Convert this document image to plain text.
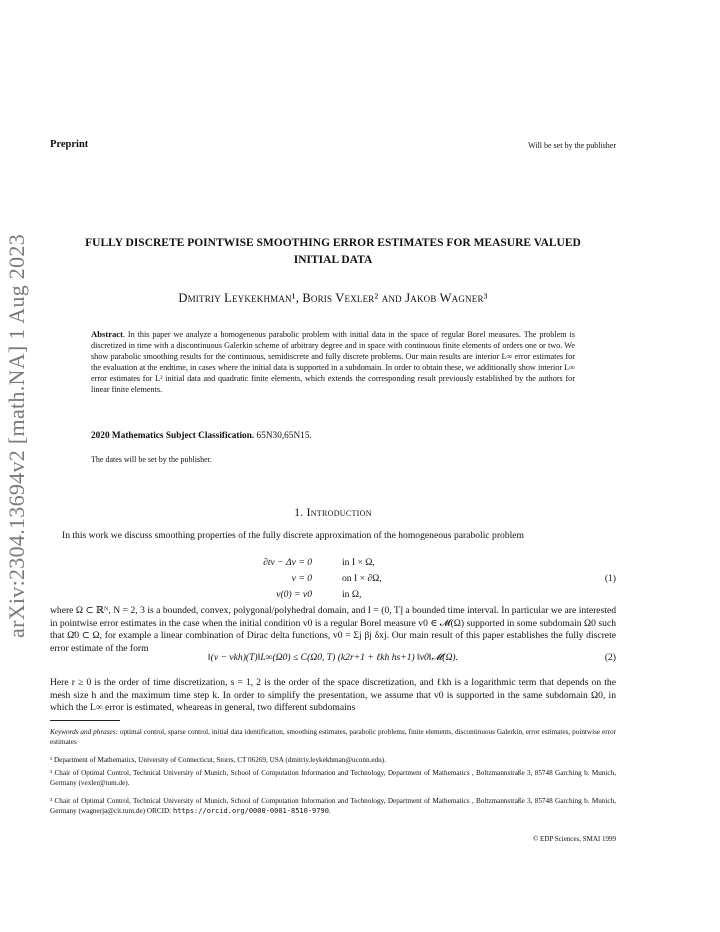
arXiv:2304.13694v2 [math.NA] 1 Aug 2023
Preprint	Will be set by the publisher
FULLY DISCRETE POINTWISE SMOOTHING ERROR ESTIMATES FOR MEASURE VALUED
INITIAL DATA
Dmitriy Leykekhman¹, Boris Vexler² and Jakob Wagner³
Abstract. In this paper we analyze a homogeneous parabolic problem with initial data in the space of regular Borel measures. The problem is discretized in time with a discontinuous Galerkin scheme of arbitrary degree and in space with continuous finite elements of orders one or two. We show parabolic smoothing results for the continuous, semidiscrete and fully discrete problems. Our main results are interior L∞ error estimates for the evaluation at the endtime, in cases where the initial data is supported in a subdomain. In order to obtain these, we additionally show interior L∞ error estimates for L² initial data and quadratic finite elements, which extends the corresponding result previously established by the authors for linear finite elements.
2020 Mathematics Subject Classification. 65N30,65N15.
The dates will be set by the publisher.
1. Introduction
In this work we discuss smoothing properties of the fully discrete approximation of the homogeneous parabolic problem
∂tv − Δv = 0	in I × Ω,
v = 0	on I × ∂Ω,	(1)
v(0) = v0	in Ω,
where Ω ⊂ ℝᴺ, N = 2, 3 is a bounded, convex, polygonal/polyhedral domain, and I = (0, T] a bounded time interval. In particular we are interested in pointwise error estimates in the case when the initial condition v0 is a regular Borel measure v0 ∈ 𝓜(Ω) supported in some subdomain Ω0 such that Ω̄0 ⊂ Ω, for example a linear combination of Dirac delta functions, v0 = Σj βj δxj. Our main result of this paper establishes the fully discrete error estimate of the form
‖(v − vkh)(T)‖L∞(Ω0) ≤ C(Ω0, T) (k2r+1 + ℓkh hs+1) ‖v0‖𝓜(Ω).	(2)
Here r ≥ 0 is the order of time discretization, s = 1, 2 is the order of the space discretization, and ℓkh is a logarithmic term that depends on the mesh size h and the maximum time step k. In order to simplify the presentation, we assume that v0 is supported in the same subdomain Ω0, in which the L∞ error is estimated, wheareas in general, two different subdomains
Keywords and phrases: optimal control, sparse control, initial data identification, smoothing estimates, parabolic problems, finite elements, discontinuous Galerkin, error estimates, pointwise error estimates
¹ Department of Mathematics, University of Connecticut, Storrs, CT 06269, USA (dmitriy.leykekhman@uconn.edu).
² Chair of Optimal Control, Technical University of Munich, School of Computation Information and Technology, Department of Mathematics , Boltzmannstraße 3, 85748 Garching b. Munich, Germany (vexler@tum.de).
³ Chair of Optimal Control, Technical University of Munich, School of Computation Information and Technology, Department of Mathematics , Boltzmannstraße 3, 85748 Garching b. Munich, Germany (wagnerja@cit.tum.de) ORCID: https://orcid.org/0000-0001-8510-9790.
© EDP Sciences, SMAI 1999
